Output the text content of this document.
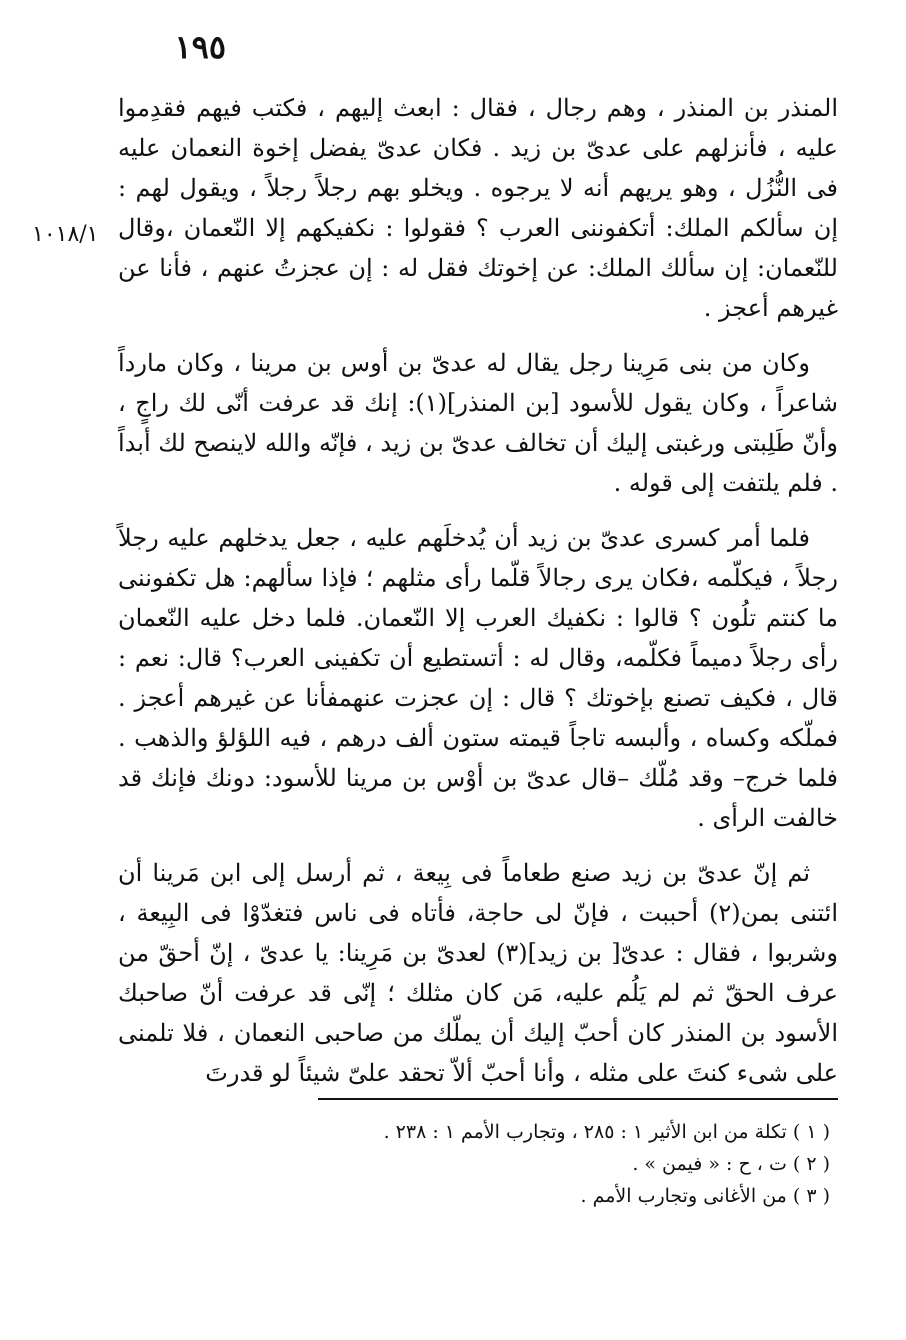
١٩٥
١٠١٨/١

المنذر بن المنذر ، وهم رجال ، فقال : ابعث إليهم ، فكتب فيهم فقدِموا عليه ، فأنزلهم على عدىّ بن زيد . فكان عدىّ يفضل إخوة النعمان عليه فى النُّزُل ، وهو يريهم أنه لا يرجوه . ويخلو بهم رجلاً رجلاً ، ويقول لهم : إن سألكم الملك: أتكفوننى العرب ؟ فقولوا : نكفيكهم إلا النّعمان ،وقال للنّعمان: إن سألك الملك: عن إخوتك فقل له : إن عجزتُ عنهم ، فأنا عن غيرهم أعجز .

وكان من بنى مَرِينا رجل يقال له عدىّ بن أوس بن مرينا ، وكان مارداً شاعراً ، وكان يقول للأسود [بن المنذر](١): إنك قد عرفت أنّى لك راجٍ ، وأنّ طَلِبتى ورغبتى إليك أن تخالف عدىّ بن زيد ، فإنّه والله لاينصح لك أبداً . فلم يلتفت إلى قوله .

فلما أمر كسرى عدىّ بن زيد أن يُدخلَهم عليه ، جعل يدخلهم عليه رجلاً رجلاً ، فيكلّمه ،فكان يرى رجالاً قلّما رأى مثلهم ؛ فإذا سألهم: هل تكفوننى ما كنتم تلُون ؟ قالوا : نكفيك العرب إلا النّعمان. فلما دخل عليه النّعمان رأى رجلاً دميماً فكلّمه، وقال له : أتستطيع أن تكفينى العرب؟ قال: نعم : قال ، فكيف تصنع بإخوتك ؟ قال : إن عجزت عنهمفأنا عن غيرهم أعجز . فملّكه وكساه ، وألبسه تاجاً قيمته ستون ألف درهم ، فيه اللؤلؤ والذهب . فلما خرج– وقد مُلّك –قال عدىّ بن أوْس بن مرينا للأسود: دونك فإنك قد خالفت الرأى .

ثم إنّ عدىّ بن زيد صنع طعاماً فى بِيعة ، ثم أرسل إلى ابن مَرينا أن ائتنى بمن(٢) أحببت ، فإنّ لى حاجة، فأتاه فى ناس فتغدّوْا فى البِيعة ، وشربوا ، فقال : عدىّ[ بن زيد](٣) لعدىّ بن مَرِينا: يا عدىّ ، إنّ أحقّ من عرف الحقّ ثم لم يَلُم عليه، مَن كان مثلك ؛ إنّى قد عرفت أنّ صاحبك الأسود بن المنذر كان أحبّ إليك أن يملّك من صاحبى النعمان ، فلا تلمنى على شىء كنتَ على مثله ، وأنا أحبّ ألاّ تحقد علىّ شيئاً لو قدرتَ

( ١ ) تكلة من ابن الأثير ١ : ٢٨٥ ، وتجارب الأمم ١ : ٢٣٨ .

( ٢ ) ت ، ح : « فيمن » .

( ٣ ) من الأغانى وتجارب الأمم .
